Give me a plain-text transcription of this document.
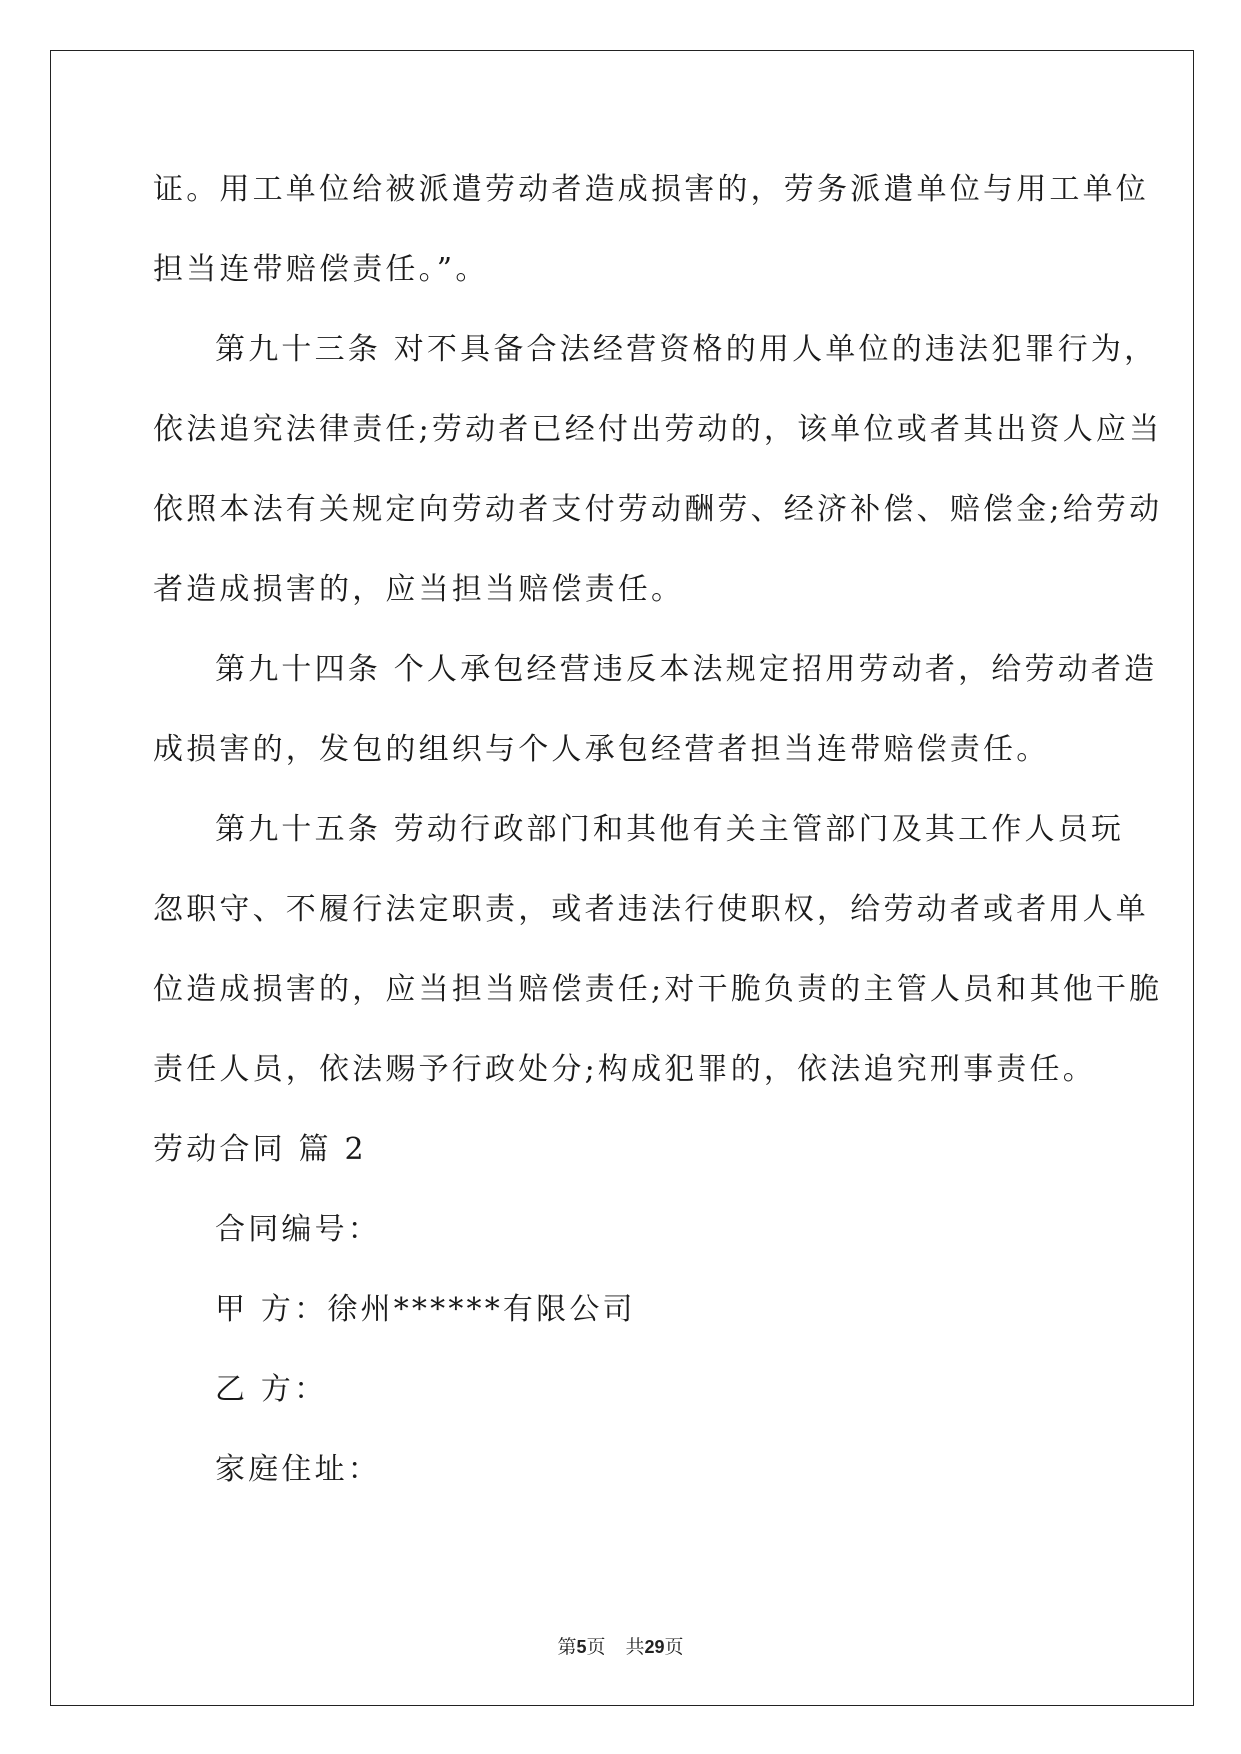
证。用工单位给被派遣劳动者造成损害的，劳务派遣单位与用工单位
担当连带赔偿责任。”。
第九十三条 对不具备合法经营资格的用人单位的违法犯罪行为，
依法追究法律责任;劳动者已经付出劳动的，该单位或者其出资人应当
依照本法有关规定向劳动者支付劳动酬劳、经济补偿、赔偿金;给劳动
者造成损害的，应当担当赔偿责任。
第九十四条 个人承包经营违反本法规定招用劳动者，给劳动者造
成损害的，发包的组织与个人承包经营者担当连带赔偿责任。
第九十五条 劳动行政部门和其他有关主管部门及其工作人员玩
忽职守、不履行法定职责，或者违法行使职权，给劳动者或者用人单
位造成损害的，应当担当赔偿责任;对干脆负责的主管人员和其他干脆
责任人员，依法赐予行政处分;构成犯罪的，依法追究刑事责任。
劳动合同 篇 2
合同编号：
甲 方：徐州******有限公司
乙 方：
家庭住址：
第5页 共29页
